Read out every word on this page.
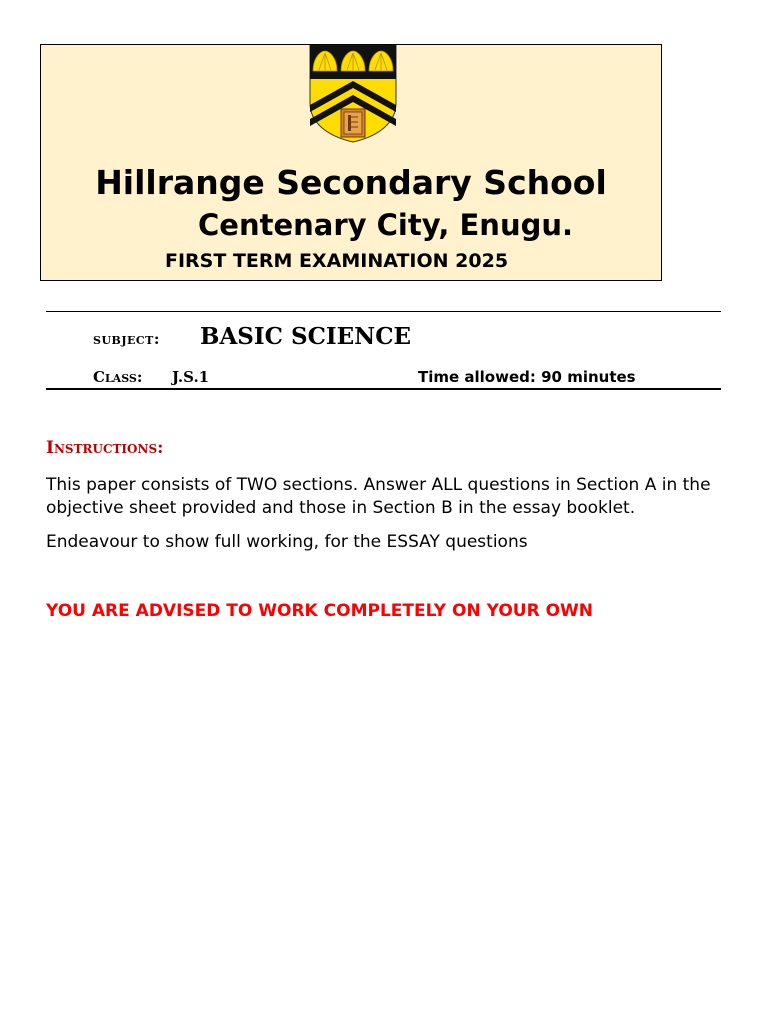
Hillrange Secondary School
Centenary City, Enugu.
FIRST TERM EXAMINATION 2025
subject: BASIC SCIENCE
Class: J.S.1	Time allowed: 90 minutes
Instructions:
This paper consists of TWO sections. Answer ALL questions in Section A in the objective sheet provided and those in Section B in the essay booklet.
Endeavour to show full working, for the ESSAY questions
YOU ARE ADVISED TO WORK COMPLETELY ON YOUR OWN
